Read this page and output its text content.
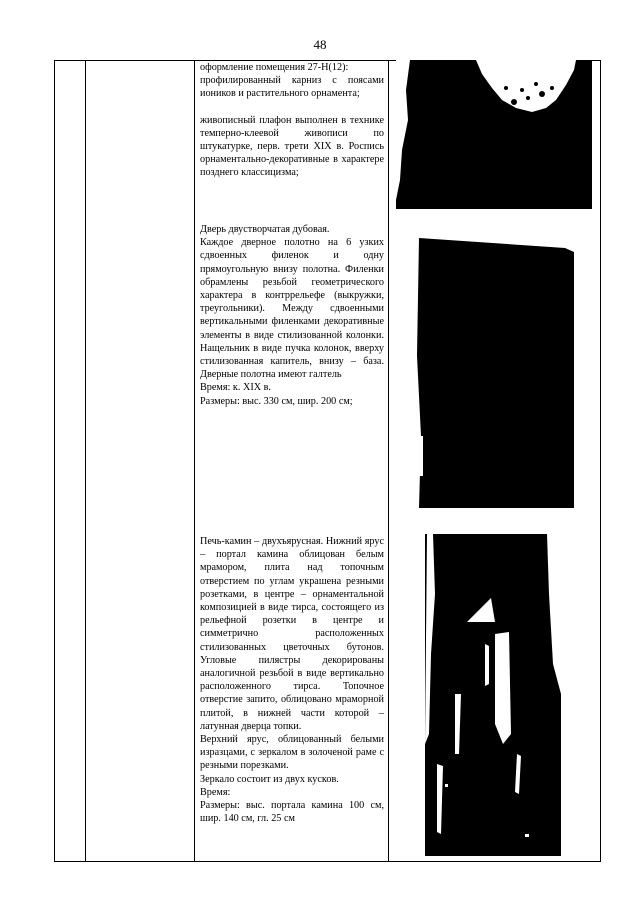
48

оформление помещения 27-Н(12):

профилированный карниз с поясами иоников и растительного орнамента;

живописный плафон выполнен в технике темперно-клеевой живописи по штукатурке, перв. трети XIX в. Роспись орнаментально-декоративные в характере позднего классицизма;

Дверь двустворчатая дубовая.

Каждое дверное полотно на 6 узких сдвоенных филенок и одну прямоугольную внизу полотна. Филенки обрамлены резьбой геометрического характера в контррельефе (выкружки, треугольники). Между сдвоенными вертикальными филенками декоративные элементы в виде стилизованной колонки. Нащельник в виде пучка колонок, вверху стилизованная капитель, внизу – база. Дверные полотна имеют галтель

Время: к. XIX в.

Размеры: выс. 330 см, шир. 200 см;

Печь-камин – двухъярусная. Нижний ярус – портал камина облицован белым мрамором, плита над топочным отверстием по углам украшена резными розетками, в центре – орнаментальной композицией в виде тирса, состоящего из рельефной розетки в центре и симметрично расположенных стилизованных цветочных бутонов. Угловые пилястры декорированы аналогичной резьбой в виде вертикально расположенного тирса. Топочное отверстие запито, облицовано мраморной плитой, в нижней части которой – латунная дверца топки.

Верхний ярус, облицованный белыми изразцами, с зеркалом в золоченой раме с резными порезками.

Зеркало состоит из двух кусков.

Время:

Размеры: выс. портала камина 100 см, шир. 140 см, гл. 25 см
